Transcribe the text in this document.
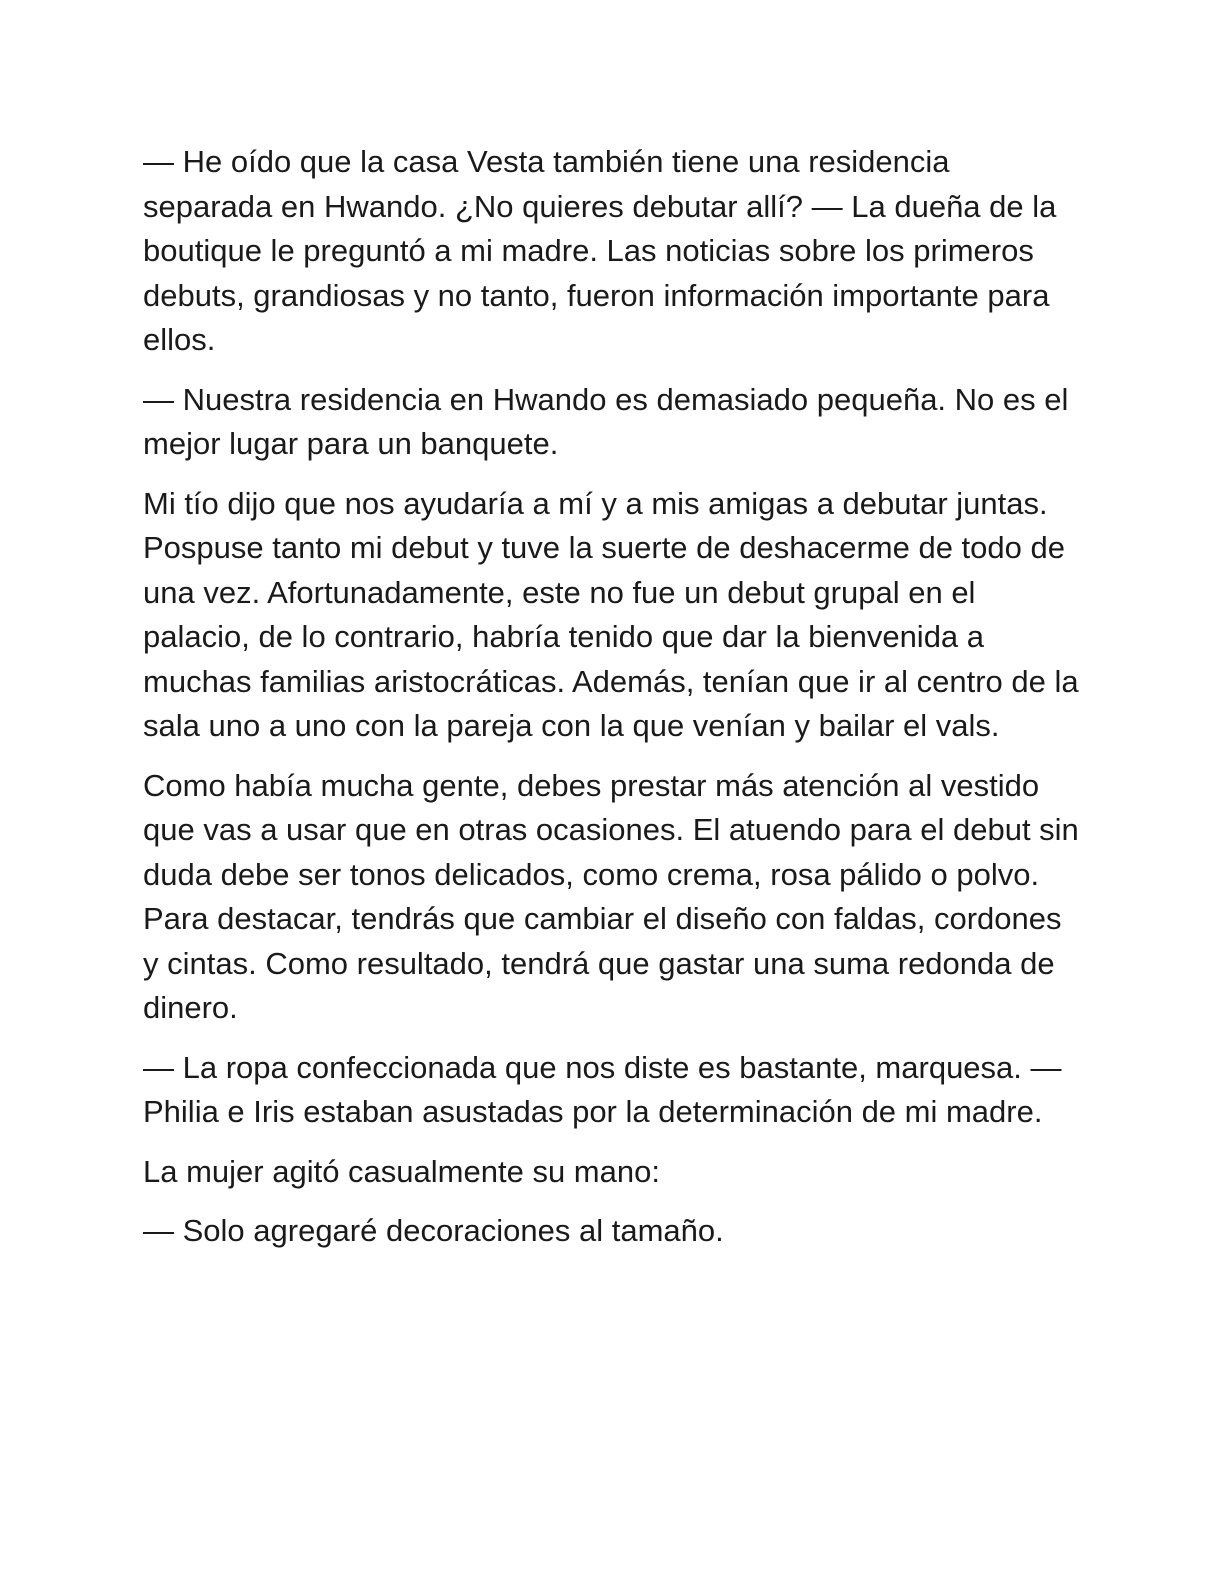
— He oído que la casa Vesta también tiene una residencia separada en Hwando. ¿No quieres debutar allí? — La dueña de la boutique le preguntó a mi madre. Las noticias sobre los primeros debuts, grandiosas y no tanto, fueron información importante para ellos.

— Nuestra residencia en Hwando es demasiado pequeña. No es el mejor lugar para un banquete.

Mi tío dijo que nos ayudaría a mí y a mis amigas a debutar juntas. Pospuse tanto mi debut y tuve la suerte de deshacerme de todo de una vez. Afortunadamente, este no fue un debut grupal en el palacio, de lo contrario, habría tenido que dar la bienvenida a muchas familias aristocráticas. Además, tenían que ir al centro de la sala uno a uno con la pareja con la que venían y bailar el vals.

Como había mucha gente, debes prestar más atención al vestido que vas a usar que en otras ocasiones. El atuendo para el debut sin duda debe ser tonos delicados, como crema, rosa pálido o polvo. Para destacar, tendrás que cambiar el diseño con faldas, cordones y cintas. Como resultado, tendrá que gastar una suma redonda de dinero.

— La ropa confeccionada que nos diste es bastante, marquesa. — Philia e Iris estaban asustadas por la determinación de mi madre.

La mujer agitó casualmente su mano:

— Solo agregaré decoraciones al tamaño.
